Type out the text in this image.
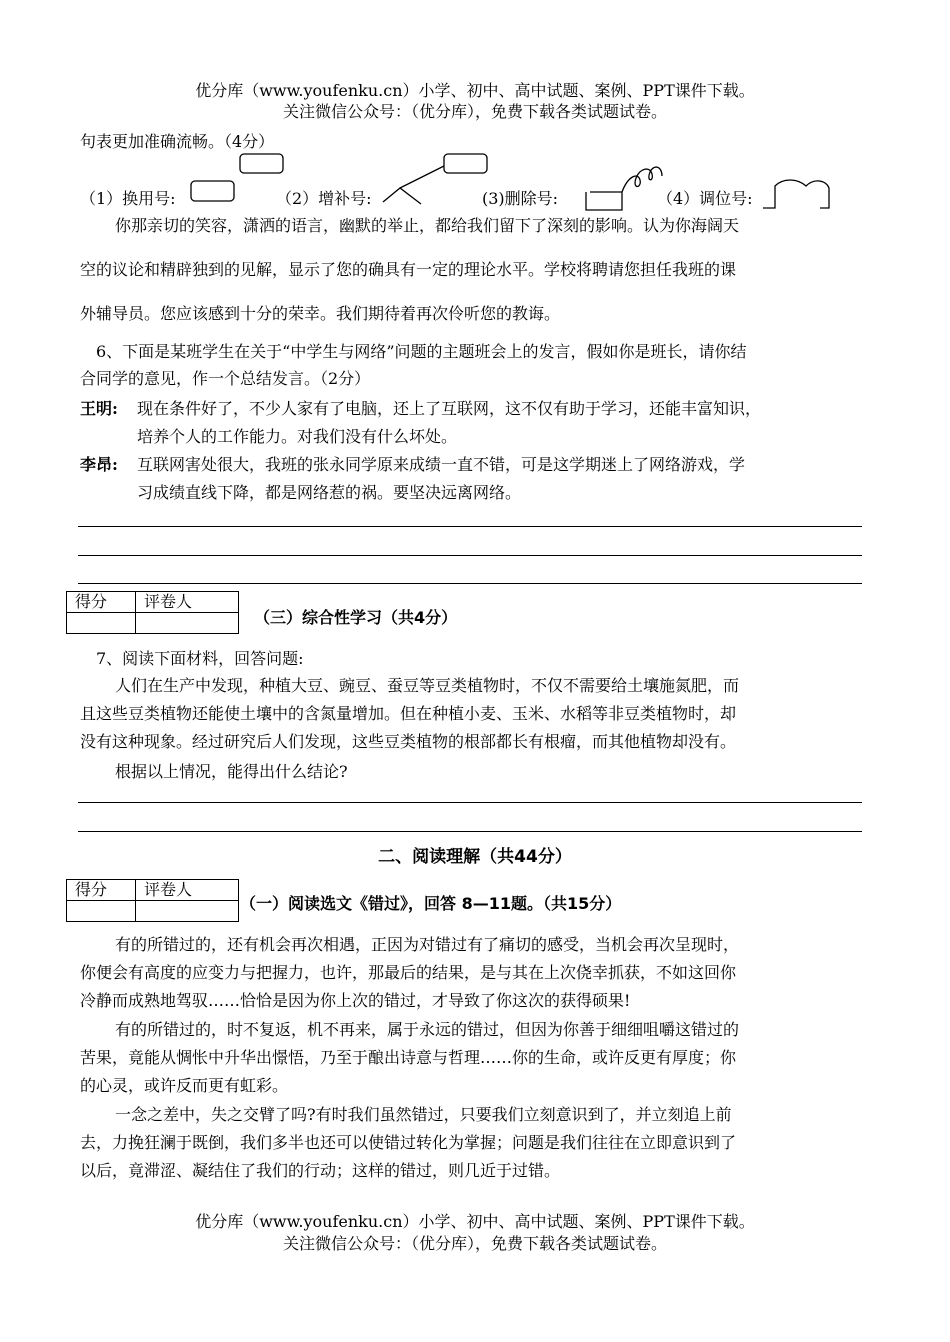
优分库（www.youfenku.cn）小学、初中、高中试题、案例、PPT课件下载。
关注微信公众号：（优分库），免费下载各类试题试卷。
句表更加准确流畅。（4分）
（1）换用号:	（2）增补号:	(3)删除号:	（4）调位号:
你那亲切的笑容，潇洒的语言，幽默的举止，都给我们留下了深刻的影响。认为你海阔天
空的议论和精辟独到的见解，显示了您的确具有一定的理论水平。学校将聘请您担任我班的课
外辅导员。您应该感到十分的荣幸。我们期待着再次伶听您的教诲。
6、下面是某班学生在关于“中学生与网络”问题的主题班会上的发言，假如你是班长，请你结
合同学的意见，作一个总结发言。（2分）
王明: 现在条件好了，不少人家有了电脑，还上了互联网，这不仅有助于学习，还能丰富知识，
培养个人的工作能力。对我们没有什么坏处。
李昂: 互联网害处很大，我班的张永同学原来成绩一直不错，可是这学期迷上了网络游戏，学
习成绩直线下降，都是网络惹的祸。要坚决远离网络。
得分	评卷人

（三）综合性学习（共4分）
7、阅读下面材料，回答问题:
人们在生产中发现，种植大豆、豌豆、蚕豆等豆类植物时，不仅不需要给土壤施氮肥，而
且这些豆类植物还能使土壤中的含氮量增加。但在种植小麦、玉米、水稻等非豆类植物时，却
没有这种现象。经过研究后人们发现，这些豆类植物的根部都长有根瘤，而其他植物却没有。
根据以上情况，能得出什么结论?
二、阅读理解（共44分）
得分	评卷人

（一）阅读选文《错过》，回答 8—11题。（共15分）
有的所错过的，还有机会再次相遇，正因为对错过有了痛切的感受，当机会再次呈现时，
你便会有高度的应变力与把握力，也许，那最后的结果，是与其在上次侥幸抓获，不如这回你
冷静而成熟地驾驭……恰恰是因为你上次的错过，才导致了你这次的获得硕果!
有的所错过的，时不复返，机不再来，属于永远的错过，但因为你善于细细咀嚼这错过的
苦果，竟能从惆怅中升华出憬悟，乃至于酿出诗意与哲理……你的生命，或许反更有厚度；你
的心灵，或许反而更有虹彩。
一念之差中，失之交臂了吗?有时我们虽然错过，只要我们立刻意识到了，并立刻追上前
去，力挽狂澜于既倒，我们多半也还可以使错过转化为掌握；问题是我们往往在立即意识到了
以后，竟滞涩、凝结住了我们的行动；这样的错过，则几近于过错。
优分库（www.youfenku.cn）小学、初中、高中试题、案例、PPT课件下载。
关注微信公众号：（优分库），免费下载各类试题试卷。
